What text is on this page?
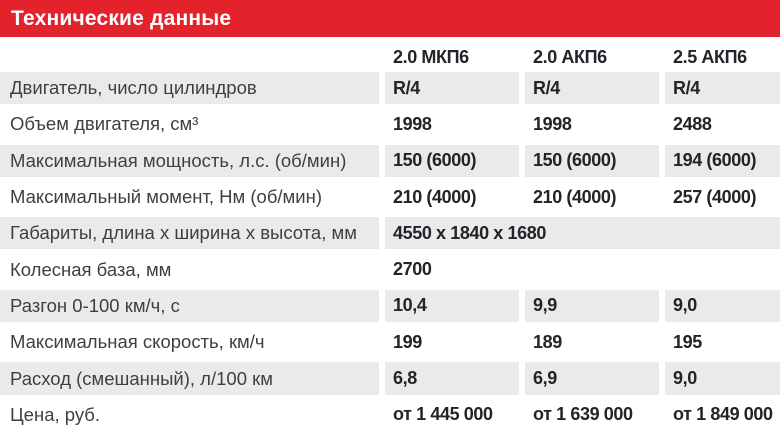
Технические данные
2.0 МКП6	2.0 АКП6	2.5 АКП6
Двигатель, число цилиндров	R/4	R/4	R/4
Объем двигателя, см³	1998	1998	2488
Максимальная мощность, л.с. (об/мин)	150 (6000)	150 (6000)	194 (6000)
Максимальный момент, Нм (об/мин)	210 (4000)	210 (4000)	257 (4000)
Габариты, длина x ширина x высота, мм 4550 x 1840 x 1680
Колесная база, мм	2700
Разгон 0-100 км/ч, с	10,4	9,9	9,0
Максимальная скорость, км/ч	199	189	195
Расход (смешанный), л/100 км	6,8	6,9	9,0
Цена, руб.	от 1 445 000 от 1 639 000 от 1 849 000
